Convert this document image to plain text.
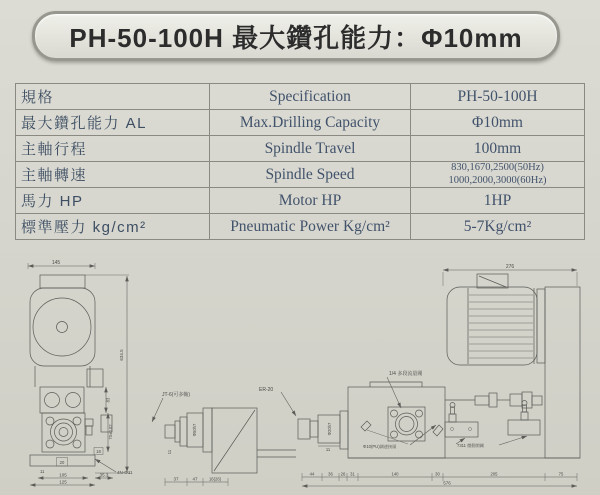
PH-50-100H 最大鑽孔能力：Φ10mm
規格	Specification	PH-50-100H
最大鑽孔能力 AL	Max.Drilling Capacity	Φ10mm
主軸行程	Spindle Travel	100mm
主軸轉速	Spindle Speed	830,1670,2500(50Hz)
1000,2000,3000(60Hz)

馬力 HP	Motor HP	1HP
標準壓力 kg/cm²	Pneumatic Power Kg/cm²	5-7Kg/cm²
145
634.5
20
11
105
125
35.3 4N-Φ11
83
70±0.02
18
JT-6(可多軸)
ER-20
Φ50h7
11
37	47	16(26)
276
Φ20h7
11
1/4 多段流量閥
Φ10(PU)調速接頭	7311 微動開關
44	36 26 31	140	30	205	75
576
